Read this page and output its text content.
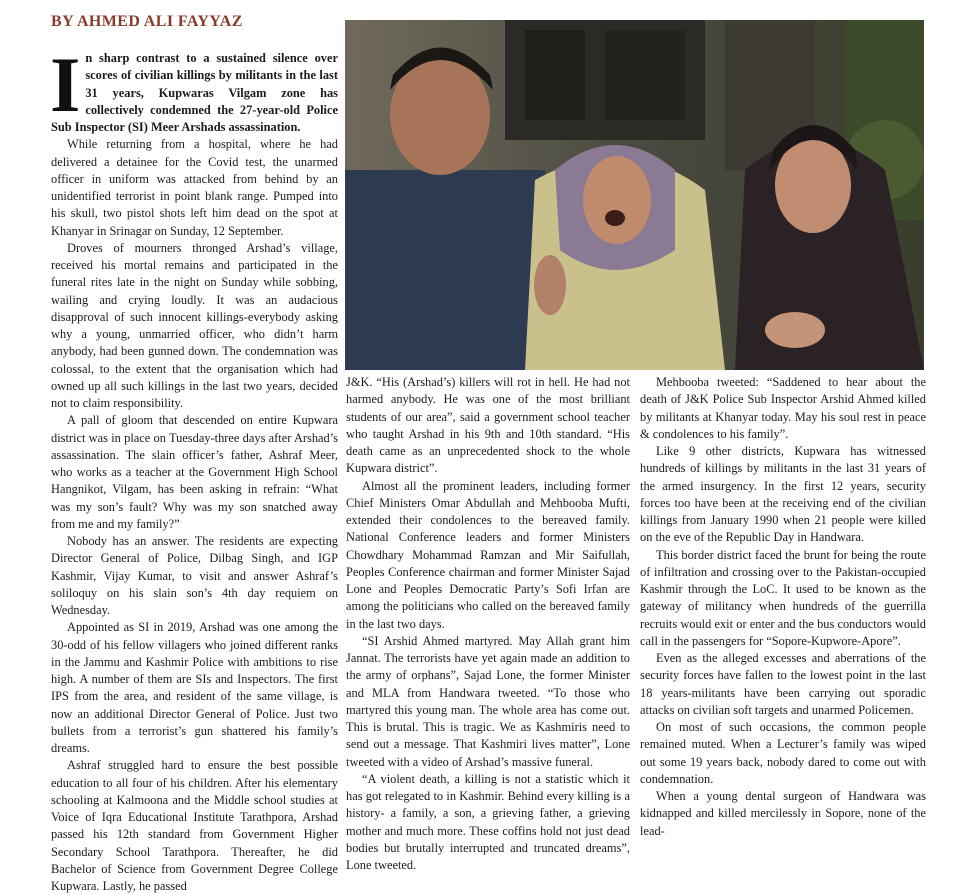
BY AHMED ALI FAYYAZ

In sharp contrast to a sustained silence over scores of civilian killings by militants in the last 31 years, Kupwaras Vilgam zone has collectively condemned the 27-year-old Police Sub Inspector (SI) Meer Arshads assassination.

While returning from a hospital, where he had delivered a detainee for the Covid test, the unarmed officer in uniform was attacked from behind by an unidentified terrorist in point blank range. Pumped into his skull, two pistol shots left him dead on the spot at Khanyar in Srinagar on Sunday, 12 September.

Droves of mourners thronged Arshad’s village, received his mortal remains and participated in the funeral rites late in the night on Sunday while sobbing, wailing and crying loudly. It was an audacious disapproval of such innocent killings-everybody asking why a young, unmarried officer, who didn’t harm anybody, had been gunned down. The condemnation was colossal, to the extent that the organisation which had owned up all such killings in the last two years, decided not to claim responsibility.

A pall of gloom that descended on entire Kupwara district was in place on Tuesday-three days after Arshad’s assassination. The slain officer’s father, Ashraf Meer, who works as a teacher at the Government High School Hangnikot, Vilgam, has been asking in refrain: “What was my son’s fault? Why was my son snatched away from me and my family?”

Nobody has an answer. The residents are expecting Director General of Police, Dilbag Singh, and IGP Kashmir, Vijay Kumar, to visit and answer Ashraf’s soliloquy on his slain son’s 4th day requiem on Wednesday.

Appointed as SI in 2019, Arshad was one among the 30-odd of his fellow villagers who joined different ranks in the Jammu and Kashmir Police with ambitions to rise high. A number of them are SIs and Inspectors. The first IPS from the area, and resident of the same village, is now an additional Director General of Police. Just two bullets from a terrorist’s gun shattered his family’s dreams.

Ashraf struggled hard to ensure the best possible education to all four of his children. After his elementary schooling at Kalmoona and the Middle school studies at Voice of Iqra Educational Institute Tarathpora, Arshad passed his 12th standard from Government Higher Secondary School Tarathpora. Thereafter, he did Bachelor of Science from Government Degree College Kupwara. Lastly, he passed

J&K. “His (Arshad’s) killers will rot in hell. He had not harmed anybody. He was one of the most brilliant students of our area”, said a government school teacher who taught Arshad in his 9th and 10th standard. “His death came as an unprecedented shock to the whole Kupwara district”.

Almost all the prominent leaders, including former Chief Ministers Omar Abdullah and Mehbooba Mufti, extended their condolences to the bereaved family. National Conference leaders and former Ministers Chowdhary Mohammad Ramzan and Mir Saifullah, Peoples Conference chairman and former Minister Sajad Lone and Peoples Democratic Party’s Sofi Irfan are among the politicians who called on the bereaved family in the last two days.

“SI Arshid Ahmed martyred. May Allah grant him Jannat. The terrorists have yet again made an addition to the army of orphans”, Sajad Lone, the former Minister and MLA from Handwara tweeted. “To those who martyred this young man. The whole area has come out. This is brutal. This is tragic. We as Kashmiris need to send out a message. That Kashmiri lives matter”, Lone tweeted with a video of Arshad’s massive funeral.

“A violent death, a killing is not a statistic which it has got relegated to in Kashmir. Behind every killing is a history- a family, a son, a grieving father, a grieving mother and much more. These coffins hold not just dead bodies but brutally interrupted and truncated dreams”, Lone tweeted.

Mehbooba tweeted: “Saddened to hear about the death of J&K Police Sub Inspector Arshid Ahmed killed by militants at Khanyar today. May his soul rest in peace & condolences to his family”.

Like 9 other districts, Kupwara has witnessed hundreds of killings by militants in the last 31 years of the armed insurgency. In the first 12 years, security forces too have been at the receiving end of the civilian killings from January 1990 when 21 people were killed on the eve of the Republic Day in Handwara.

This border district faced the brunt for being the route of infiltration and crossing over to the Pakistan-occupied Kashmir through the LoC. It used to be known as the gateway of militancy when hundreds of the guerrilla recruits would exit or enter and the bus conductors would call in the passengers for “Sopore-Kupwore-Apore”.

Even as the alleged excesses and aberrations of the security forces have fallen to the lowest point in the last 18 years-militants have been carrying out sporadic attacks on civilian soft targets and unarmed Policemen.

On most of such occasions, the common people remained muted. When a Lecturer’s family was wiped out some 19 years back, nobody dared to come out with condemnation.

When a young dental surgeon of Handwara was kidnapped and killed mercilessly in Sopore, none of the lead-
